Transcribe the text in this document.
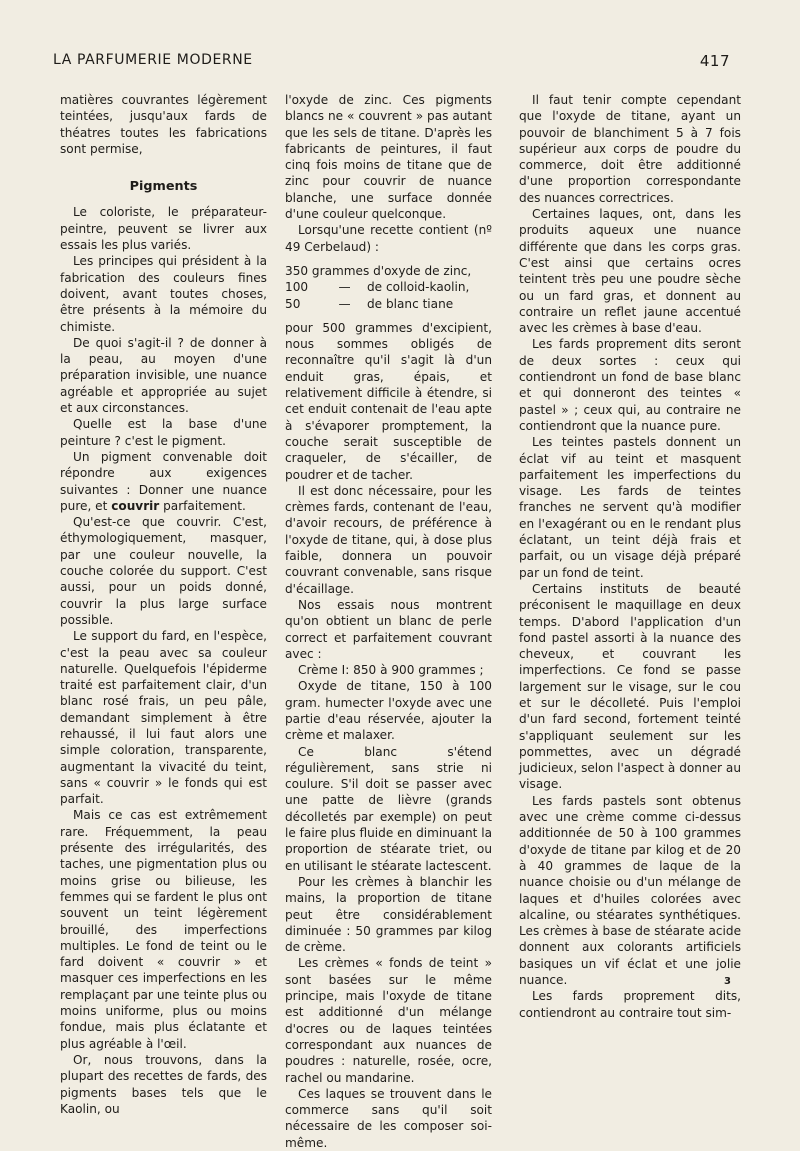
LA PARFUMERIE MODERNE	417

matières couvrantes légèrement teintées, jusqu'aux fards de théatres toutes les fabrications sont permise,

Pigments

Le coloriste, le préparateur-peintre, peuvent se livrer aux essais les plus variés.

Les principes qui président à la fabrication des couleurs fines doivent, avant toutes choses, être présents à la mémoire du chimiste.

De quoi s'agit-il ? de donner à la peau, au moyen d'une préparation invisible, une nuance agréable et appropriée au sujet et aux circonstances.

Quelle est la base d'une peinture ? c'est le pigment.

Un pigment convenable doit répondre aux exigences suivantes : Donner une nuance pure, et couvrir parfaitement.

Qu'est-ce que couvrir. C'est, éthymologiquement, masquer, par une couleur nouvelle, la couche colorée du support. C'est aussi, pour un poids donné, couvrir la plus large surface possible.

Le support du fard, en l'espèce, c'est la peau avec sa couleur naturelle. Quelquefois l'épiderme traité est parfaitement clair, d'un blanc rosé frais, un peu pâle, demandant simplement à être rehaussé, il lui faut alors une simple coloration, transparente, augmentant la vivacité du teint, sans « couvrir » le fonds qui est parfait.

Mais ce cas est extrêmement rare. Fréquemment, la peau présente des irrégularités, des taches, une pigmentation plus ou moins grise ou bilieuse, les femmes qui se fardent le plus ont souvent un teint légèrement brouillé, des imperfections multiples. Le fond de teint ou le fard doivent « couvrir » et masquer ces imperfections en les remplaçant par une teinte plus ou moins uniforme, plus ou moins fondue, mais plus éclatante et plus agréable à l'œil.

Or, nous trouvons, dans la plupart des recettes de fards, des pigments bases tels que le Kaolin, ou

l'oxyde de zinc. Ces pigments blancs ne « couvrent » pas autant que les sels de titane. D'après les fabricants de peintures, il faut cinq fois moins de titane que de zinc pour couvrir de nuance blanche, une surface donnée d'une couleur quelconque.

Lorsqu'une recette contient (nº 49 Cerbelaud) :

350 grammes d'oxyde de zinc,
100	—	de colloid-kaolin,
50	—	de blanc tiane

pour 500 grammes d'excipient, nous sommes obligés de reconnaître qu'il s'agit là d'un enduit gras, épais, et relativement difficile à étendre, si cet enduit contenait de l'eau apte à s'évaporer promptement, la couche serait susceptible de craqueler, de s'écailler, de poudrer et de tacher.

Il est donc nécessaire, pour les crèmes fards, contenant de l'eau, d'avoir recours, de préférence à l'oxyde de titane, qui, à dose plus faible, donnera un pouvoir couvrant convenable, sans risque d'écaillage.

Nos essais nous montrent qu'on obtient un blanc de perle correct et parfaitement couvrant avec :

Crème I: 850 à 900 grammes ;

Oxyde de titane, 150 à 100 gram. humecter l'oxyde avec une partie d'eau réservée, ajouter la crème et malaxer.

Ce blanc s'étend régulièrement, sans strie ni coulure. S'il doit se passer avec une patte de lièvre (grands décolletés par exemple) on peut le faire plus fluide en diminuant la proportion de stéarate triet, ou en utilisant le stéarate lactescent.

Pour les crèmes à blanchir les mains, la proportion de titane peut être considérablement diminuée : 50 grammes par kilog de crème.

Les crèmes « fonds de teint » sont basées sur le même principe, mais l'oxyde de titane est additionné d'un mélange d'ocres ou de laques teintées correspondant aux nuances de poudres : naturelle, rosée, ocre, rachel ou mandarine.

Ces laques se trouvent dans le commerce sans qu'il soit nécessaire de les composer soi-même.

Il faut tenir compte cependant que l'oxyde de titane, ayant un pouvoir de blanchiment 5 à 7 fois supérieur aux corps de poudre du commerce, doit être additionné d'une proportion correspondante des nuances correctrices.

Certaines laques, ont, dans les produits aqueux une nuance différente que dans les corps gras. C'est ainsi que certains ocres teintent très peu une poudre sèche ou un fard gras, et donnent au contraire un reflet jaune accentué avec les crèmes à base d'eau.

Les fards proprement dits seront de deux sortes : ceux qui contiendront un fond de base blanc et qui donneront des teintes « pastel » ; ceux qui, au contraire ne contiendront que la nuance pure.

Les teintes pastels donnent un éclat vif au teint et masquent parfaitement les imperfections du visage. Les fards de teintes franches ne servent qu'à modifier en l'exagérant ou en le rendant plus éclatant, un teint déjà frais et parfait, ou un visage déjà préparé par un fond de teint.

Certains instituts de beauté préconisent le maquillage en deux temps. D'abord l'application d'un fond pastel assorti à la nuance des cheveux, et couvrant les imperfections. Ce fond se passe largement sur le visage, sur le cou et sur le décolleté. Puis l'emploi d'un fard second, fortement teinté s'appliquant seulement sur les pommettes, avec un dégradé judicieux, selon l'aspect à donner au visage.

Les fards pastels sont obtenus avec une crème comme ci-dessus additionnée de 50 à 100 grammes d'oxyde de titane par kilog et de 20 à 40 grammes de laque de la nuance choisie ou d'un mélange de laques et d'huiles colorées avec alcaline, ou stéarates synthétiques. Les crèmes à base de stéarate acide donnent aux colorants artificiels basiques un vif éclat et une jolie nuance.

Les fards proprement dits, contiendront au contraire tout sim-

3
